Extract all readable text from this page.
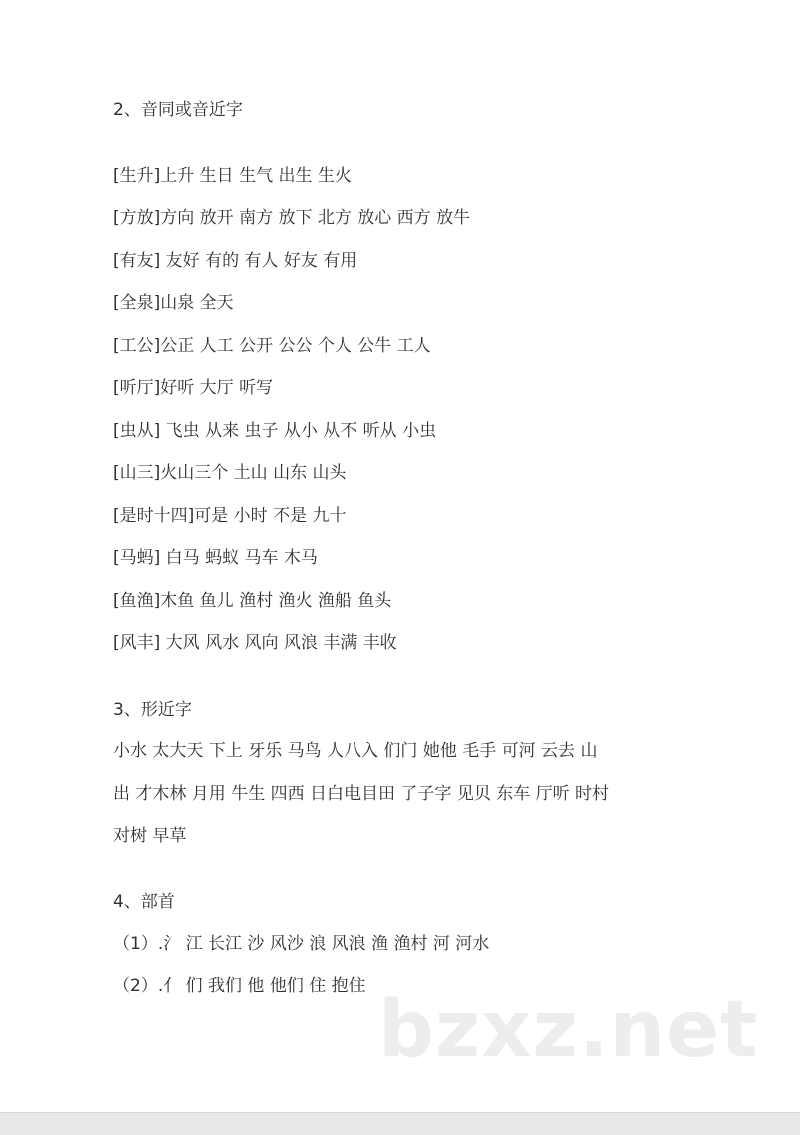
2、音同或音近字
[生升]上升 生日 生气 出生 生火
[方放]方向 放开 南方 放下 北方 放心 西方 放牛
[有友] 友好 有的 有人 好友 有用
[全泉]山泉 全天
[工公]公正 人工 公开 公公 个人 公牛 工人
[听厅]好听 大厅 听写
[虫从] 飞虫 从来 虫子 从小 从不 听从 小虫
[山三]火山三个 土山 山东 山头
[是时十四]可是 小时 不是 九十
[马蚂] 白马 蚂蚁 马车 木马
[鱼渔]木鱼 鱼儿 渔村 渔火 渔船 鱼头
[风丰] 大风 风水 风向 风浪 丰满 丰收
3、形近字
小水 太大天 下上 牙乐 马鸟 人八入 们门 她他 毛手 可河 云去 山
出 才木林 月用 牛生 四西 日白电目田 了子字 见贝 东车 厅听 时村
对树 早草
4、部首
（1）.氵 江 长江 沙 风沙 浪 风浪 渔 渔村 河 河水
（2）.亻 们 我们 他 他们 住 抱住 bzxz.net
